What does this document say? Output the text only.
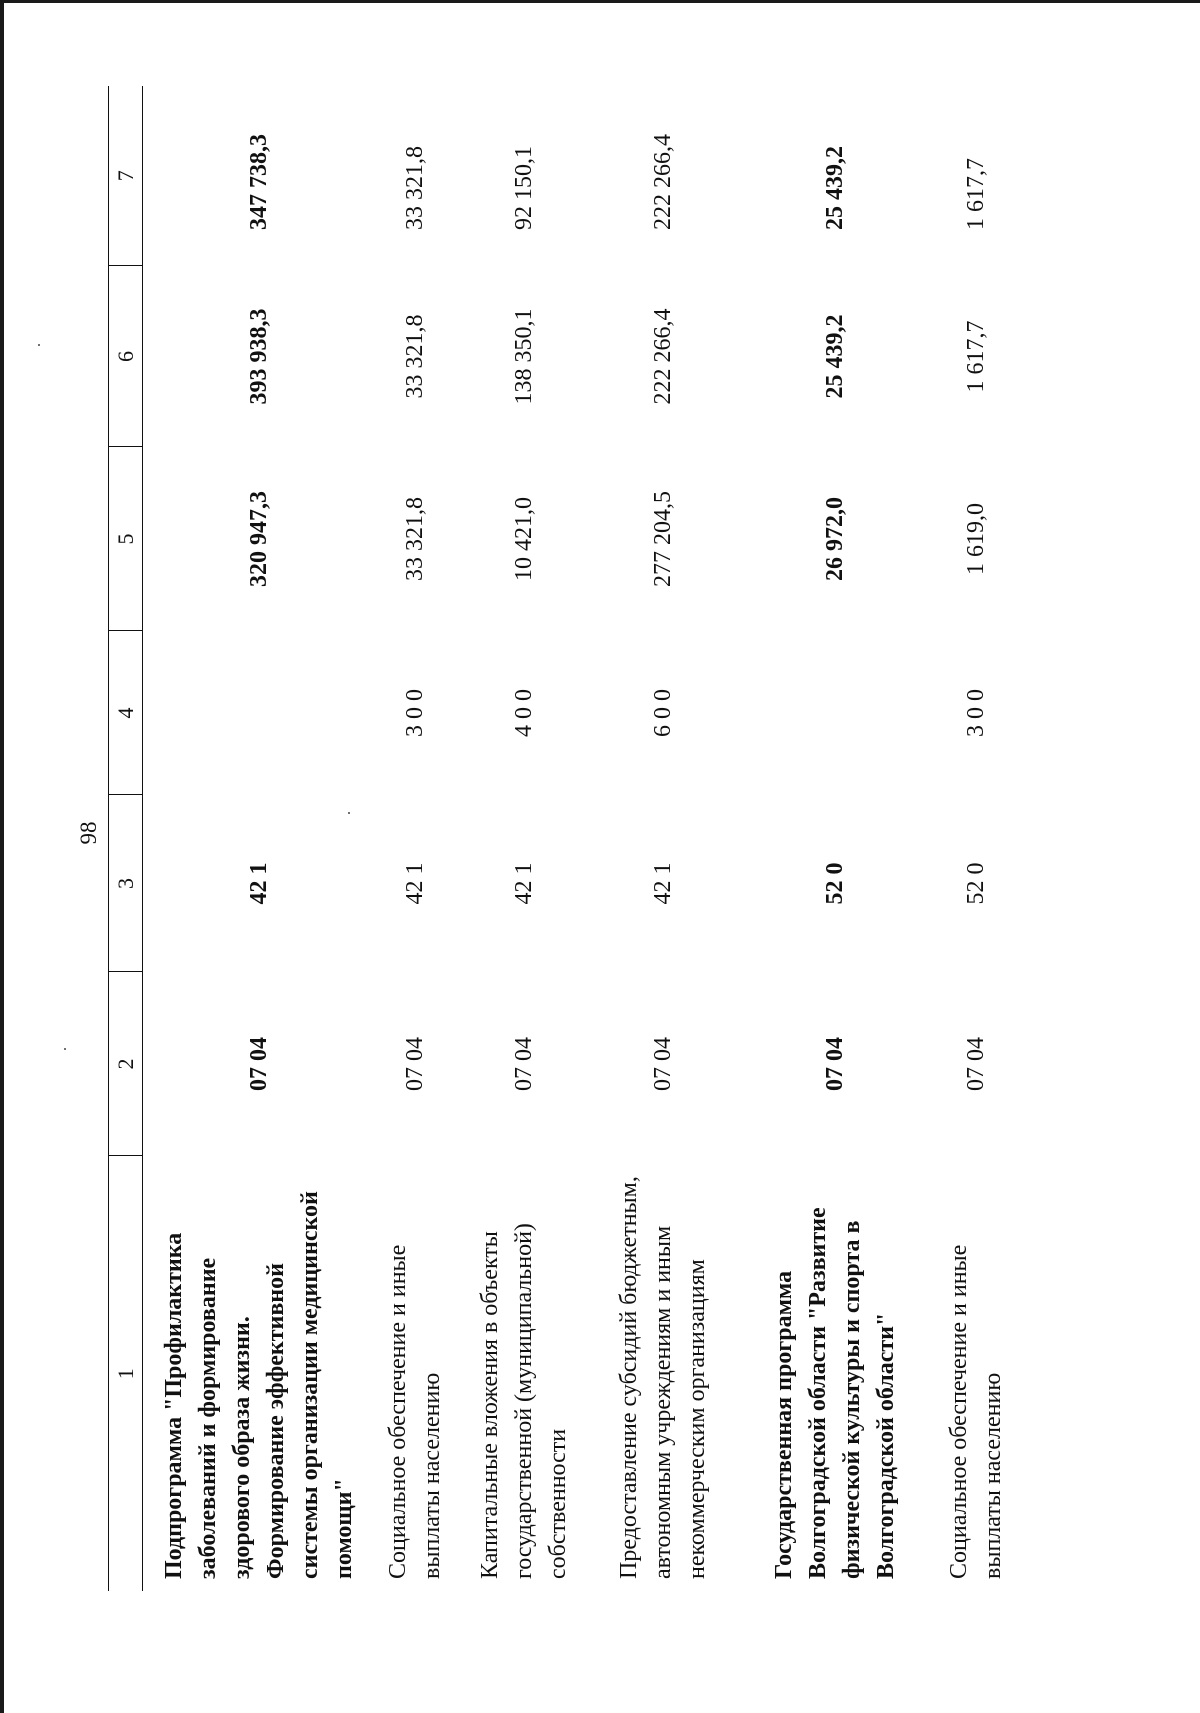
98
1	2	3	4	5	6	7

Подпрограмма "Профилактика заболеваний и формирование здорового образа жизни. Формирование эффективной системы организации медицинской помощи"	07 04	42 1		320 947,3	393 938,3	347 738,3

Социальное обеспечение и иные выплаты населению	07 04	42 1	3 0 0	33 321,8	33 321,8	33 321,8

Капитальные вложения в объекты государственной (муниципальной) собственности	07 04	42 1	4 0 0	10 421,0	138 350,1	92 150,1

Предоставление субсидий бюджетным, автономным учреждениям и иным некоммерческим организациям	07 04	42 1	6 0 0	277 204,5	222 266,4	222 266,4

Государственная программа Волгоградской области "Развитие физической культуры и спорта в Волгоградской области"	07 04	52 0		26 972,0	25 439,2	25 439,2

Социальное обеспечение и иные выплаты населению	07 04	52 0	3 0 0	1 619,0	1 617,7	1 617,7
